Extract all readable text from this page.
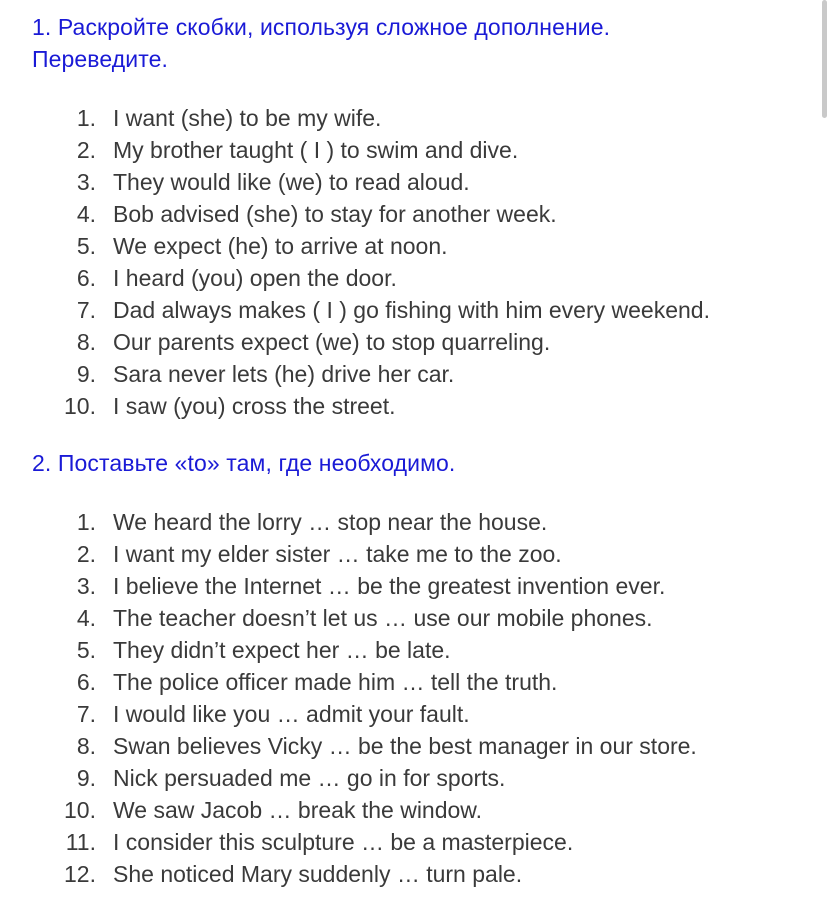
1. Раскройте скобки, используя сложное дополнение. Переведите.
1. I want (she) to be my wife.
2. My brother taught ( I ) to swim and dive.
3. They would like (we) to read aloud.
4. Bob advised (she) to stay for another week.
5. We expect (he) to arrive at noon.
6. I heard (you) open the door.
7. Dad always makes ( I ) go fishing with him every weekend.
8. Our parents expect (we) to stop quarreling.
9. Sara never lets (he) drive her car.
10. I saw (you) cross the street.
2. Поставьте «to» там, где необходимо.
1. We heard the lorry … stop near the house.
2. I want my elder sister … take me to the zoo.
3. I believe the Internet … be the greatest invention ever.
4. The teacher doesn’t let us … use our mobile phones.
5. They didn’t expect her … be late.
6. The police officer made him … tell the truth.
7. I would like you … admit your fault.
8. Swan believes Vicky … be the best manager in our store.
9. Nick persuaded me … go in for sports.
10. We saw Jacob … break the window.
11. I consider this sculpture … be a masterpiece.
12. She noticed Mary suddenly … turn pale.
